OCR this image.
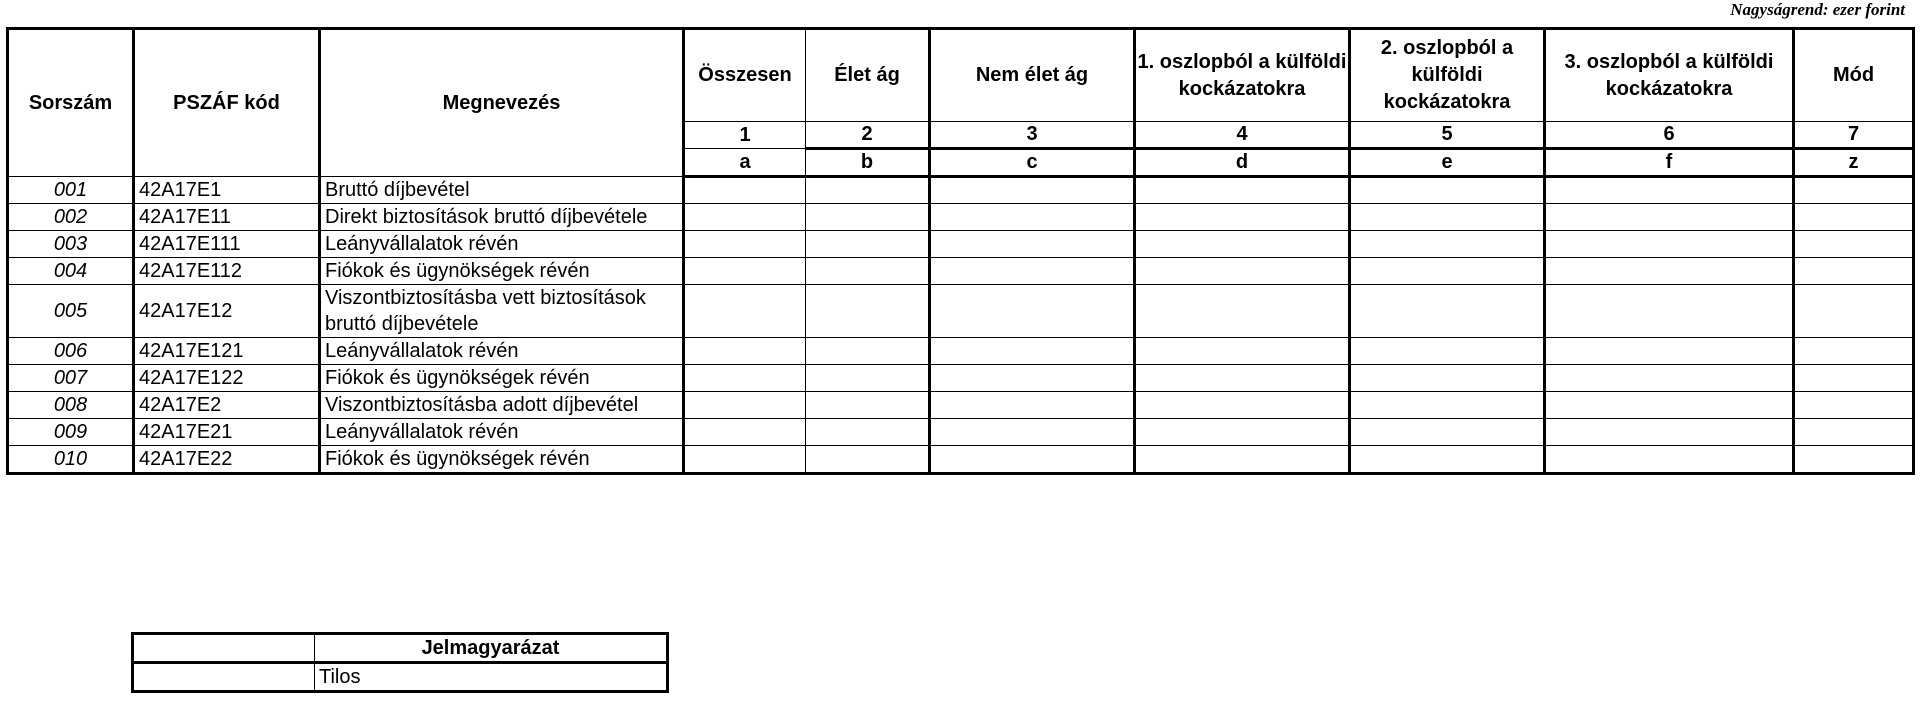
Nagyságrend: ezer forint
Sorszám	PSZÁF kód	Megnevezés	Összesen	Élet ág	Nem élet ág	1. oszlopból a külföldi kockázatokra	2. oszlopból a külföldi kockázatokra	3. oszlopból a külföldi kockázatokra	Mód
			1	2	3	4	5	6	7
			a	b	c	d	e	f	z
001	42A17E1	Bruttó díjbevétel							
002	42A17E11	Direkt biztosítások bruttó díjbevétele							
003	42A17E111	Leányvállalatok révén							
004	42A17E112	Fiókok és ügynökségek révén							
005	42A17E12	Viszontbiztosításba vett biztosítások bruttó díjbevétele							
006	42A17E121	Leányvállalatok révén							
007	42A17E122	Fiókok és ügynökségek révén							
008	42A17E2	Viszontbiztosításba adott díjbevétel							
009	42A17E21	Leányvállalatok révén							
010	42A17E22	Fiókok és ügynökségek révén							
	Jelmagyarázat
	Tilos
